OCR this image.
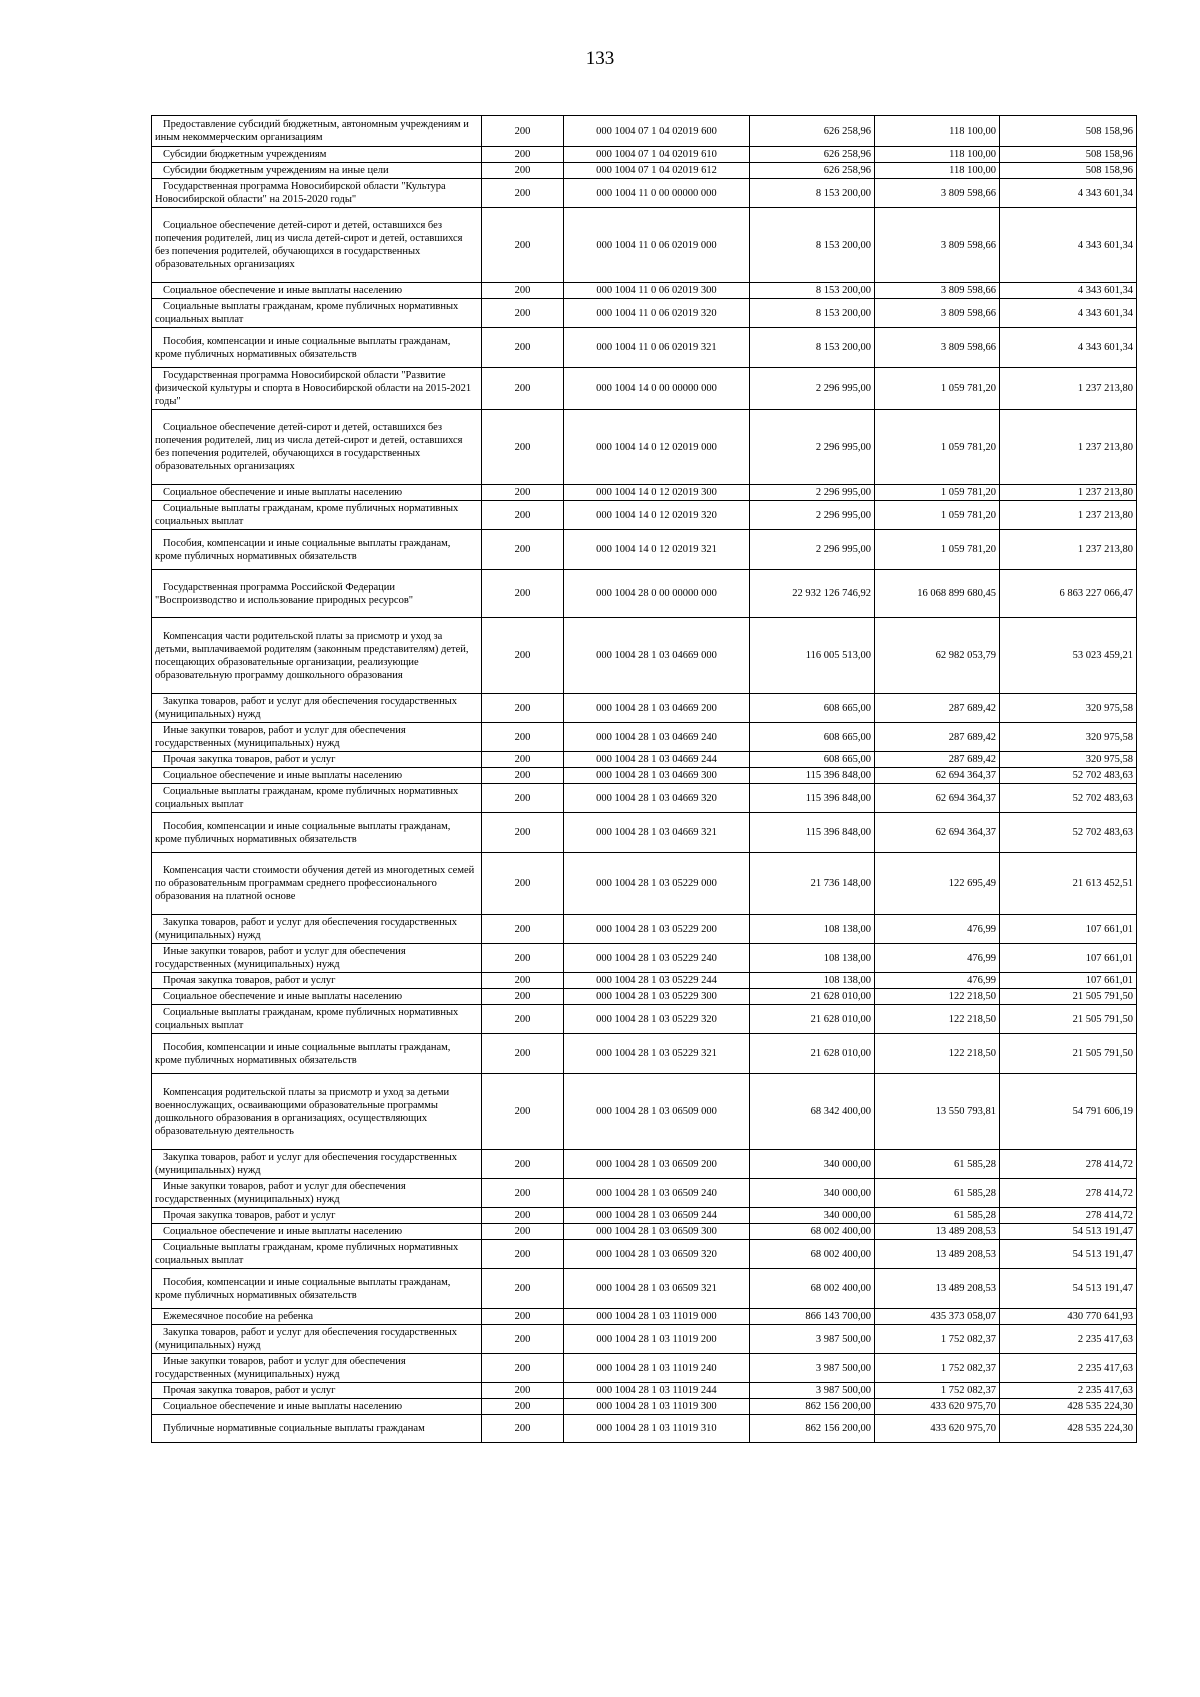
133
Предоставление субсидий бюджетным, автономным учреждениям и иным некоммерческим организациям	200	000 1004 07 1 04 02019 600	626 258,96	118 100,00	508 158,96
Субсидии бюджетным учреждениям	200	000 1004 07 1 04 02019 610	626 258,96	118 100,00	508 158,96
Субсидии бюджетным учреждениям на иные цели	200	000 1004 07 1 04 02019 612	626 258,96	118 100,00	508 158,96
Государственная программа Новосибирской области "Культура Новосибирской области" на 2015-2020 годы"	200	000 1004 11 0 00 00000 000	8 153 200,00	3 809 598,66	4 343 601,34
Социальное обеспечение детей-сирот и детей, оставшихся без попечения родителей, лиц из числа детей-сирот и детей, оставшихся без попечения родителей, обучающихся в государственных образовательных организациях	200	000 1004 11 0 06 02019 000	8 153 200,00	3 809 598,66	4 343 601,34
Социальное обеспечение и иные выплаты населению	200	000 1004 11 0 06 02019 300	8 153 200,00	3 809 598,66	4 343 601,34
Социальные выплаты гражданам, кроме публичных нормативных социальных выплат	200	000 1004 11 0 06 02019 320	8 153 200,00	3 809 598,66	4 343 601,34
Пособия, компенсации и иные социальные выплаты гражданам, кроме публичных нормативных обязательств	200	000 1004 11 0 06 02019 321	8 153 200,00	3 809 598,66	4 343 601,34
Государственная программа Новосибирской области "Развитие физической культуры и спорта в Новосибирской области на 2015-2021 годы"	200	000 1004 14 0 00 00000 000	2 296 995,00	1 059 781,20	1 237 213,80
Социальное обеспечение детей-сирот и детей, оставшихся без попечения родителей, лиц из числа детей-сирот и детей, оставшихся без попечения родителей, обучающихся в государственных образовательных организациях	200	000 1004 14 0 12 02019 000	2 296 995,00	1 059 781,20	1 237 213,80
Социальное обеспечение и иные выплаты населению	200	000 1004 14 0 12 02019 300	2 296 995,00	1 059 781,20	1 237 213,80
Социальные выплаты гражданам, кроме публичных нормативных социальных выплат	200	000 1004 14 0 12 02019 320	2 296 995,00	1 059 781,20	1 237 213,80
Пособия, компенсации и иные социальные выплаты гражданам, кроме публичных нормативных обязательств	200	000 1004 14 0 12 02019 321	2 296 995,00	1 059 781,20	1 237 213,80
Государственная программа Российской Федерации "Воспроизводство и использование природных ресурсов"	200	000 1004 28 0 00 00000 000	22 932 126 746,92	16 068 899 680,45	6 863 227 066,47
Компенсация части родительской платы за присмотр и уход за детьми, выплачиваемой родителям (законным представителям) детей, посещающих образовательные организации, реализующие образовательную программу дошкольного образования	200	000 1004 28 1 03 04669 000	116 005 513,00	62 982 053,79	53 023 459,21
Закупка товаров, работ и услуг для обеспечения государственных (муниципальных) нужд	200	000 1004 28 1 03 04669 200	608 665,00	287 689,42	320 975,58
Иные закупки товаров, работ и услуг для обеспечения государственных (муниципальных) нужд	200	000 1004 28 1 03 04669 240	608 665,00	287 689,42	320 975,58
Прочая закупка товаров, работ и услуг	200	000 1004 28 1 03 04669 244	608 665,00	287 689,42	320 975,58
Социальное обеспечение и иные выплаты населению	200	000 1004 28 1 03 04669 300	115 396 848,00	62 694 364,37	52 702 483,63
Социальные выплаты гражданам, кроме публичных нормативных социальных выплат	200	000 1004 28 1 03 04669 320	115 396 848,00	62 694 364,37	52 702 483,63
Пособия, компенсации и иные социальные выплаты гражданам, кроме публичных нормативных обязательств	200	000 1004 28 1 03 04669 321	115 396 848,00	62 694 364,37	52 702 483,63
Компенсация части стоимости обучения детей из многодетных семей по образовательным программам среднего профессионального образования на платной основе	200	000 1004 28 1 03 05229 000	21 736 148,00	122 695,49	21 613 452,51
Закупка товаров, работ и услуг для обеспечения государственных (муниципальных) нужд	200	000 1004 28 1 03 05229 200	108 138,00	476,99	107 661,01
Иные закупки товаров, работ и услуг для обеспечения государственных (муниципальных) нужд	200	000 1004 28 1 03 05229 240	108 138,00	476,99	107 661,01
Прочая закупка товаров, работ и услуг	200	000 1004 28 1 03 05229 244	108 138,00	476,99	107 661,01
Социальное обеспечение и иные выплаты населению	200	000 1004 28 1 03 05229 300	21 628 010,00	122 218,50	21 505 791,50
Социальные выплаты гражданам, кроме публичных нормативных социальных выплат	200	000 1004 28 1 03 05229 320	21 628 010,00	122 218,50	21 505 791,50
Пособия, компенсации и иные социальные выплаты гражданам, кроме публичных нормативных обязательств	200	000 1004 28 1 03 05229 321	21 628 010,00	122 218,50	21 505 791,50
Компенсация родительской платы за присмотр и уход за детьми военнослужащих, осваивающими образовательные программы дошкольного образования в организациях, осуществляющих образовательную деятельность	200	000 1004 28 1 03 06509 000	68 342 400,00	13 550 793,81	54 791 606,19
Закупка товаров, работ и услуг для обеспечения государственных (муниципальных) нужд	200	000 1004 28 1 03 06509 200	340 000,00	61 585,28	278 414,72
Иные закупки товаров, работ и услуг для обеспечения государственных (муниципальных) нужд	200	000 1004 28 1 03 06509 240	340 000,00	61 585,28	278 414,72
Прочая закупка товаров, работ и услуг	200	000 1004 28 1 03 06509 244	340 000,00	61 585,28	278 414,72
Социальное обеспечение и иные выплаты населению	200	000 1004 28 1 03 06509 300	68 002 400,00	13 489 208,53	54 513 191,47
Социальные выплаты гражданам, кроме публичных нормативных социальных выплат	200	000 1004 28 1 03 06509 320	68 002 400,00	13 489 208,53	54 513 191,47
Пособия, компенсации и иные социальные выплаты гражданам, кроме публичных нормативных обязательств	200	000 1004 28 1 03 06509 321	68 002 400,00	13 489 208,53	54 513 191,47
Ежемесячное пособие на ребенка	200	000 1004 28 1 03 11019 000	866 143 700,00	435 373 058,07	430 770 641,93
Закупка товаров, работ и услуг для обеспечения государственных (муниципальных) нужд	200	000 1004 28 1 03 11019 200	3 987 500,00	1 752 082,37	2 235 417,63
Иные закупки товаров, работ и услуг для обеспечения государственных (муниципальных) нужд	200	000 1004 28 1 03 11019 240	3 987 500,00	1 752 082,37	2 235 417,63
Прочая закупка товаров, работ и услуг	200	000 1004 28 1 03 11019 244	3 987 500,00	1 752 082,37	2 235 417,63
Социальное обеспечение и иные выплаты населению	200	000 1004 28 1 03 11019 300	862 156 200,00	433 620 975,70	428 535 224,30
Публичные нормативные социальные выплаты гражданам	200	000 1004 28 1 03 11019 310	862 156 200,00	433 620 975,70	428 535 224,30
